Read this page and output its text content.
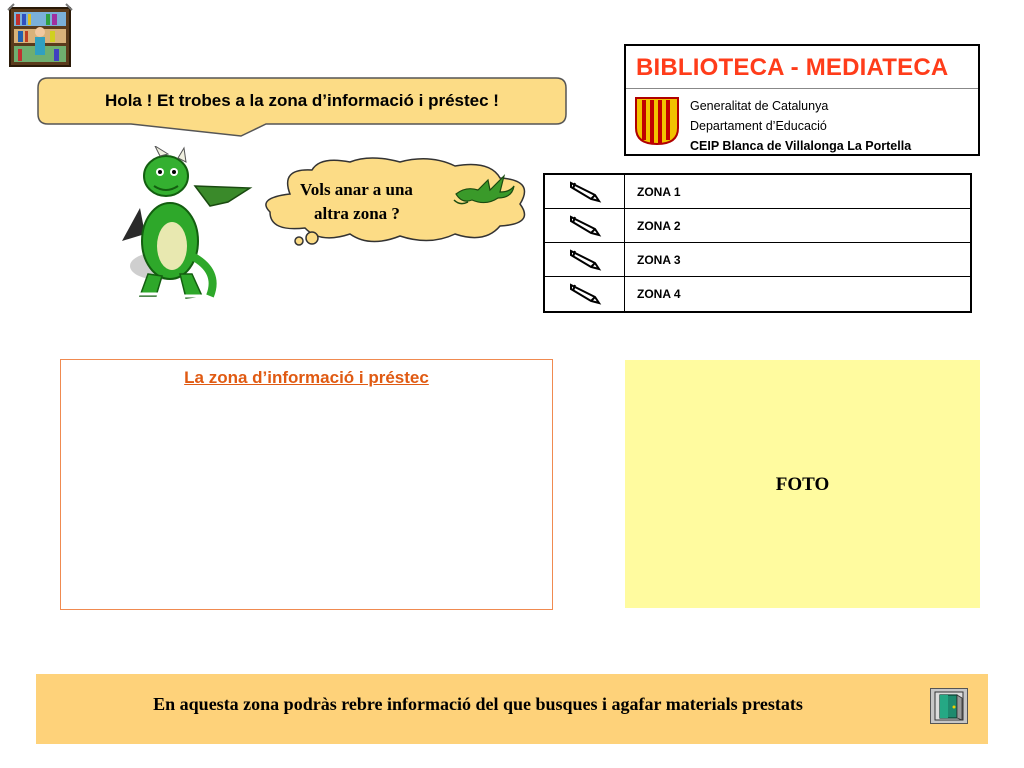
Hola ! Et trobes a la zona d’informació i préstec !
Vols anar a una
altra zona ?
BIBLIOTECA - MEDIATECA
Generalitat de Catalunya
Departament d’Educació
CEIP Blanca de Villalonga La Portella
ZONA 1
ZONA 2
ZONA 3
ZONA 4
La zona d’informació i préstec
FOTO
En aquesta zona podràs rebre informació del que busques i agafar materials prestats
